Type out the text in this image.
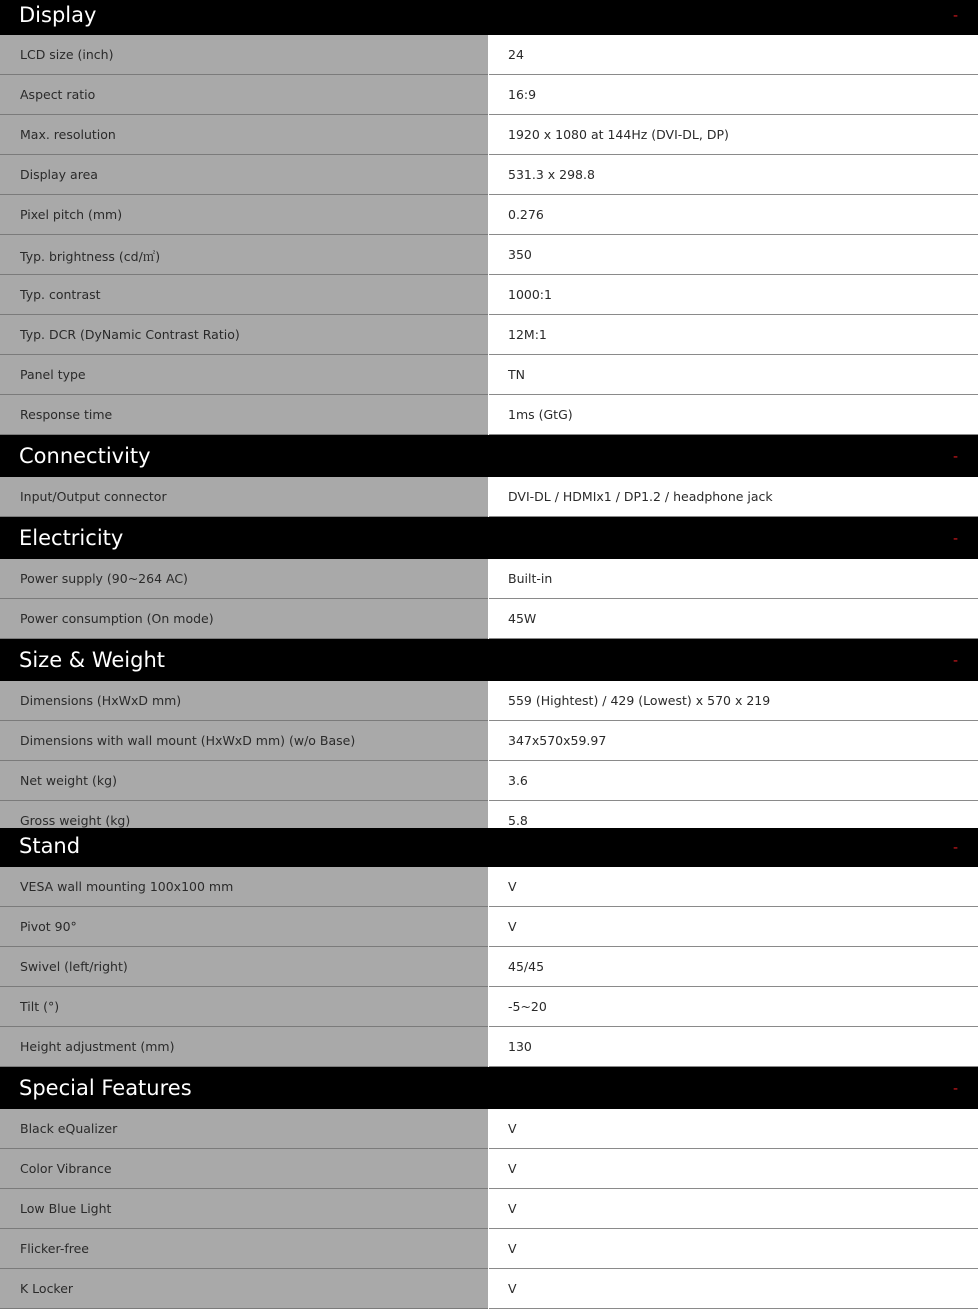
Display	-
LCD size (inch)	24
Aspect ratio	16:9
Max. resolution	1920 x 1080 at 144Hz (DVI-DL, DP)
Display area	531.3 x 298.8
Pixel pitch (mm)	0.276
Typ. brightness (cd/㎡)	350
Typ. contrast	1000:1
Typ. DCR (DyNamic Contrast Ratio)	12M:1
Panel type	TN
Response time	1ms (GtG)
Connectivity	-
Input/Output connector	DVI-DL / HDMIx1 / DP1.2 / headphone jack
Electricity	-
Power supply (90~264 AC)	Built-in
Power consumption (On mode)	45W
Size & Weight	-
Dimensions (HxWxD mm)	559 (Hightest) / 429 (Lowest) x 570 x 219
Dimensions with wall mount (HxWxD mm) (w/o Base)	347x570x59.97
Net weight (kg)	3.6
Gross weight (kg)	5.8
Stand	-
VESA wall mounting 100x100 mm	V
Pivot 90°	V
Swivel (left/right)	45/45
Tilt (°)	-5~20
Height adjustment (mm)	130
Special Features	-
Black eQualizer	V
Color Vibrance	V
Low Blue Light	V
Flicker-free	V
K Locker	V
